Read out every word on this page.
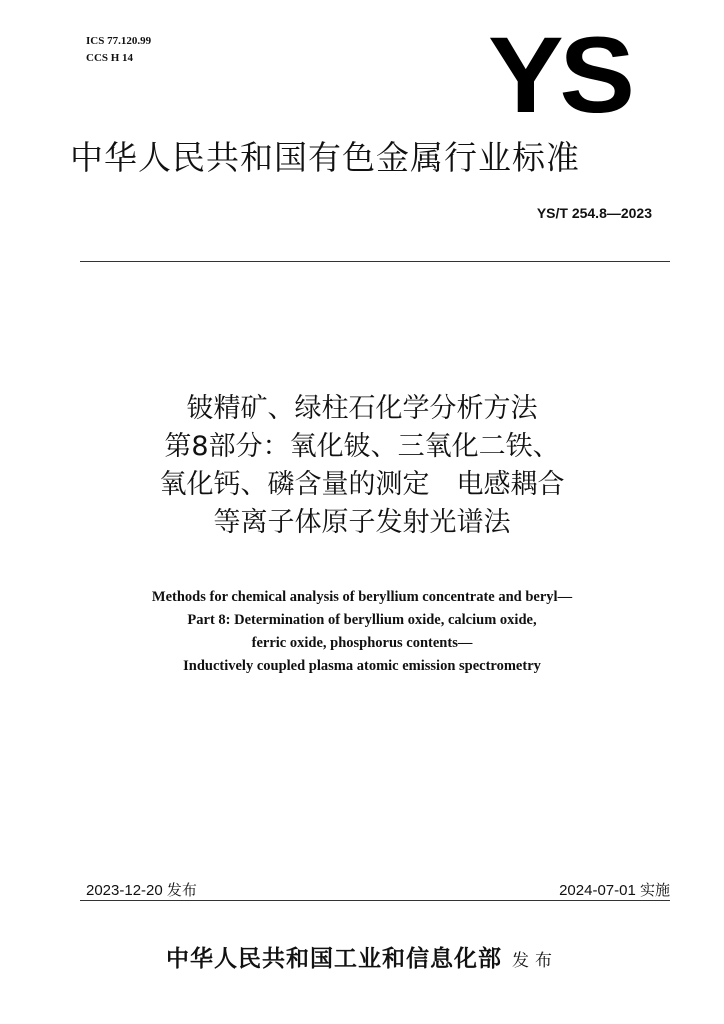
ICS 77.120.99
CCS H 14	YS
中华人民共和国有色金属行业标准
YS/T 254.8—2023
铍精矿、绿柱石化学分析方法
第8部分：氧化铍、三氧化二铁、
氧化钙、磷含量的测定　电感耦合
等离子体原子发射光谱法
Methods for chemical analysis of beryllium concentrate and beryl—
Part 8: Determination of beryllium oxide, calcium oxide,
ferric oxide, phosphorus contents—
Inductively coupled plasma atomic emission spectrometry
2023-12-20 发布	2024-07-01 实施
中华人民共和国工业和信息化部 发布
